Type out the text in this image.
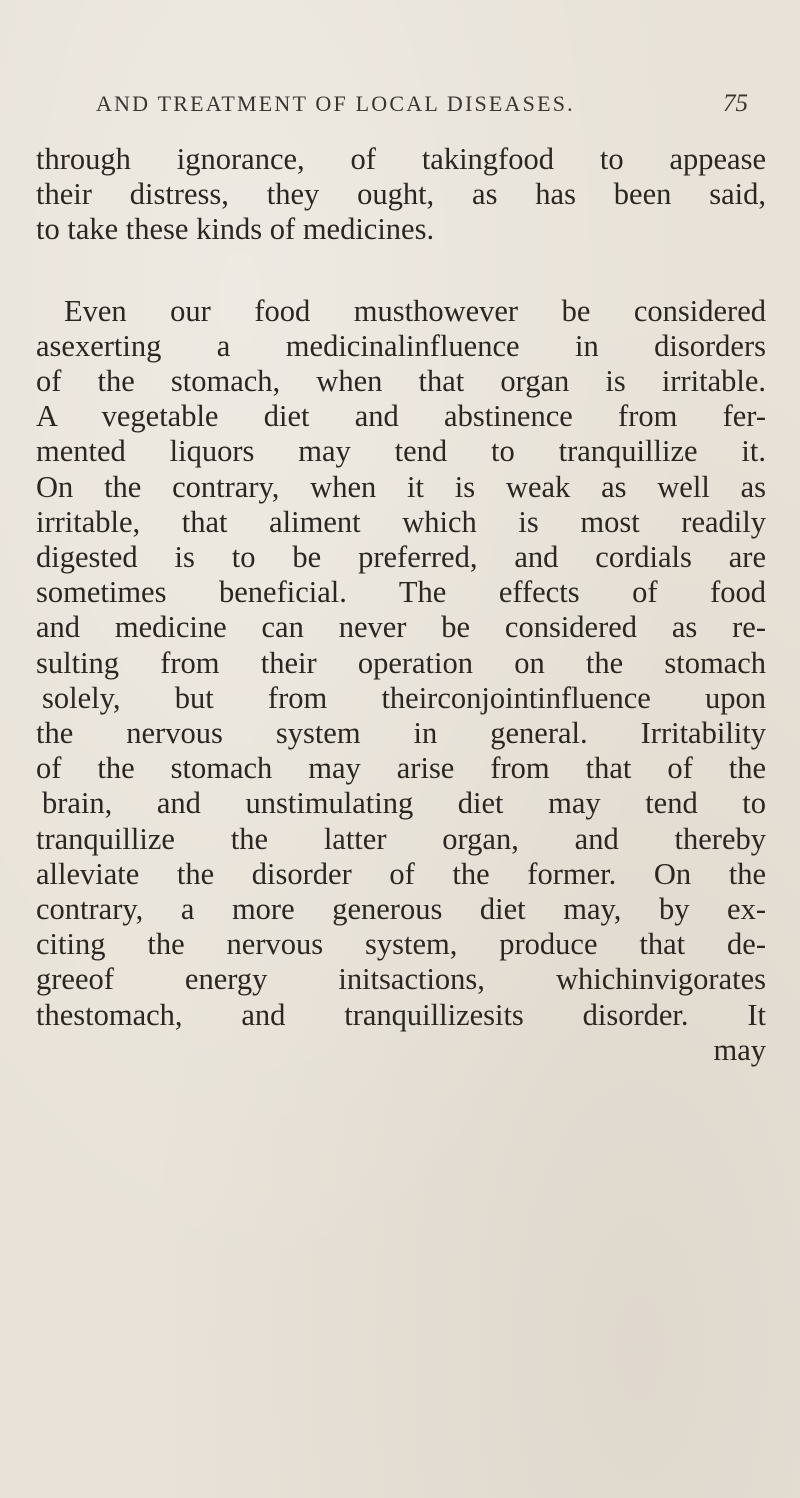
AND TREATMENT OF LOCAL DISEASES.	75
through ignorance, of takingfood to appease
their distress, they ought, as has been said,
to take these kinds of medicines.
Even our food musthowever be considered
asexerting a medicinalinfluence in disorders
of the stomach, when that organ is irritable.
A vegetable diet and abstinence from fer-
mented liquors may tend to tranquillize it.
On the contrary, when it is weak as well as
irritable, that aliment which is most readily
digested is to be preferred, and cordials are
sometimes beneficial. The effects of food
and medicine can never be considered as re-
sulting from their operation on the stomach
solely, but from theirconjointinfluence upon
the nervous system in general. Irritability
of the stomach may arise from that of the
brain, and unstimulating diet may tend to
tranquillize the latter organ, and thereby
alleviate the disorder of the former. On the
contrary, a more generous diet may, by ex-
citing the nervous system, produce that de-
greeof energy initsactions, whichinvigorates
thestomach, and tranquillizesits disorder. It
may
